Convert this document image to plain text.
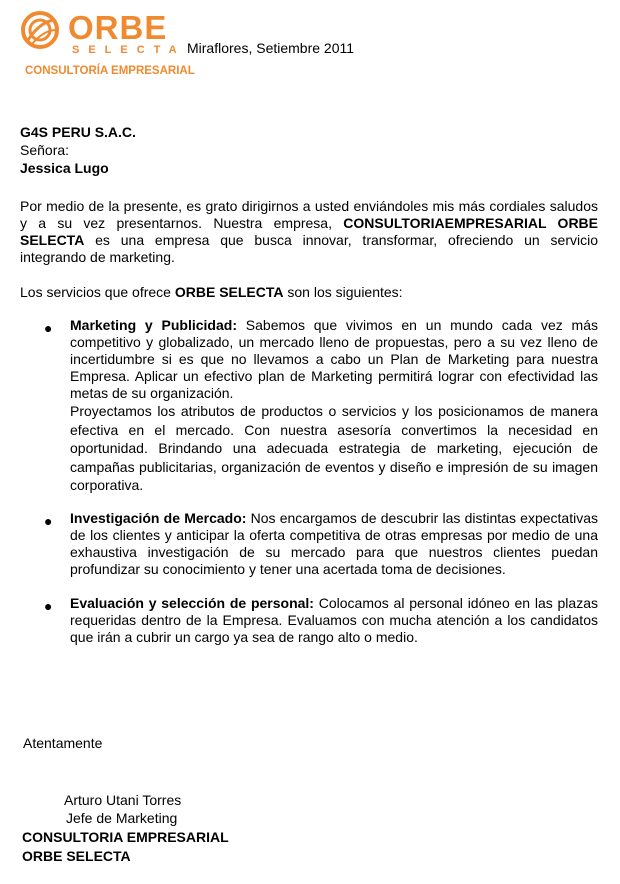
ORBE
SELECTA
CONSULTORÍA EMPRESARIAL
Miraflores, Setiembre 2011
G4S PERU S.A.C.
Señora:
Jessica Lugo
Por medio de la presente, es grato dirigirnos a usted enviándoles mis más cordiales saludos y a su vez presentarnos. Nuestra empresa, CONSULTORIAEMPRESARIAL ORBE SELECTA es una empresa que busca innovar, transformar, ofreciendo un servicio integrando de marketing.
Los servicios que ofrece ORBE SELECTA son los siguientes:
● Marketing y Publicidad: Sabemos que vivimos en un mundo cada vez más competitivo y globalizado, un mercado lleno de propuestas, pero a su vez lleno de incertidumbre si es que no llevamos a cabo un Plan de Marketing para nuestra Empresa. Aplicar un efectivo plan de Marketing permitirá lograr con efectividad las metas de su organización.

Proyectamos los atributos de productos o servicios y los posicionamos de manera efectiva en el mercado. Con nuestra asesoría convertimos la necesidad en oportunidad. Brindando una adecuada estrategia de marketing, ejecución de campañas publicitarias, organización de eventos y diseño e impresión de su imagen corporativa.

● Investigación de Mercado: Nos encargamos de descubrir las distintas expectativas de los clientes y anticipar la oferta competitiva de otras empresas por medio de una exhaustiva investigación de su mercado para que nuestros clientes puedan profundizar su conocimiento y tener una acertada toma de decisiones.

● Evaluación y selección de personal: Colocamos al personal idóneo en las plazas requeridas dentro de la Empresa. Evaluamos con mucha atención a los candidatos que irán a cubrir un cargo ya sea de rango alto o medio.

Atentamente
Arturo Utani Torres
Jefe de Marketing
CONSULTORIA EMPRESARIAL
ORBE SELECTA
